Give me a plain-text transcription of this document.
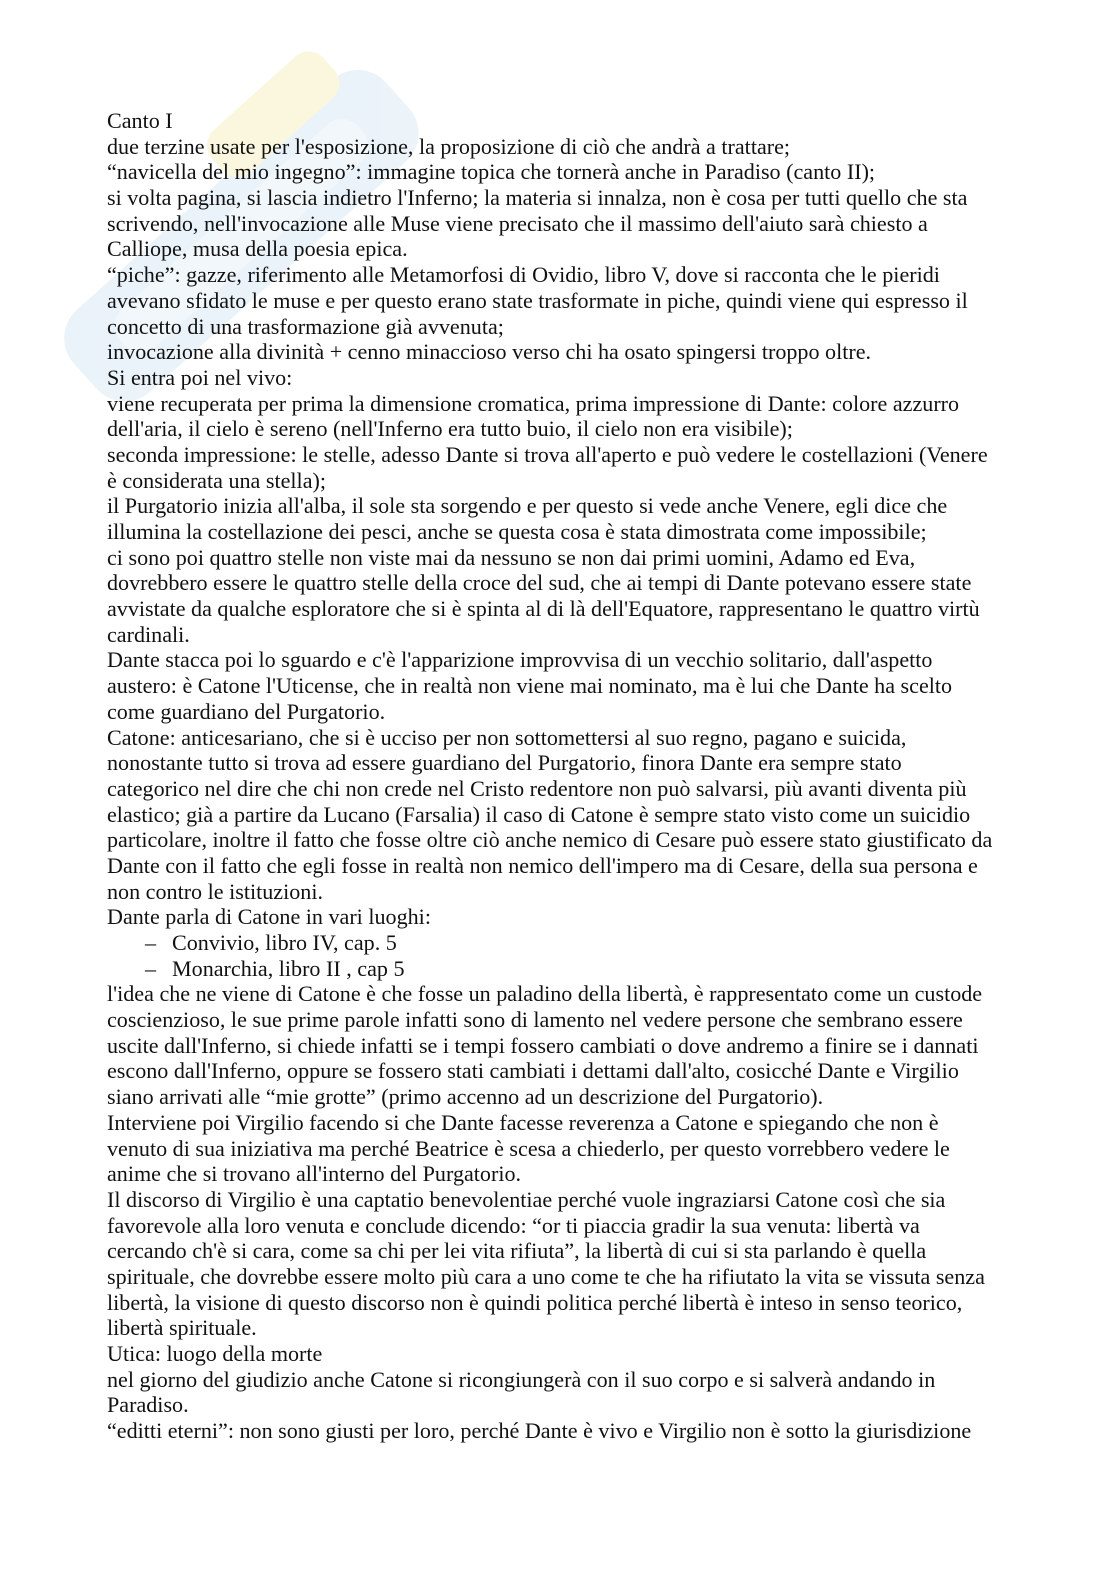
Canto I
due terzine usate per l'esposizione, la proposizione di ciò che andrà a trattare;
“navicella del mio ingegno”: immagine topica che tornerà anche in Paradiso (canto II);
si volta pagina, si lascia indietro l'Inferno; la materia si innalza, non è cosa per tutti quello che sta
scrivendo, nell'invocazione alle Muse viene precisato che il massimo dell'aiuto sarà chiesto a
Calliope, musa della poesia epica.
“piche”: gazze, riferimento alle Metamorfosi di Ovidio, libro V, dove si racconta che le pieridi
avevano sfidato le muse e per questo erano state trasformate in piche, quindi viene qui espresso il
concetto di una trasformazione già avvenuta;
invocazione alla divinità + cenno minaccioso verso chi ha osato spingersi troppo oltre.
Si entra poi nel vivo:
viene recuperata per prima la dimensione cromatica, prima impressione di Dante: colore azzurro
dell'aria, il cielo è sereno (nell'Inferno era tutto buio, il cielo non era visibile);
seconda impressione: le stelle, adesso Dante si trova all'aperto e può vedere le costellazioni (Venere
è considerata una stella);
il Purgatorio inizia all'alba, il sole sta sorgendo e per questo si vede anche Venere, egli dice che
illumina la costellazione dei pesci, anche se questa cosa è stata dimostrata come impossibile;
ci sono poi quattro stelle non viste mai da nessuno se non dai primi uomini, Adamo ed Eva,
dovrebbero essere le quattro stelle della croce del sud, che ai tempi di Dante potevano essere state
avvistate da qualche esploratore che si è spinta al di là dell'Equatore, rappresentano le quattro virtù
cardinali.
Dante stacca poi lo sguardo e c'è l'apparizione improvvisa di un vecchio solitario, dall'aspetto
austero: è Catone l'Uticense, che in realtà non viene mai nominato, ma è lui che Dante ha scelto
come guardiano del Purgatorio.
Catone: anticesariano, che si è ucciso per non sottomettersi al suo regno, pagano e suicida,
nonostante tutto si trova ad essere guardiano del Purgatorio, finora Dante era sempre stato
categorico nel dire che chi non crede nel Cristo redentore non può salvarsi, più avanti diventa più
elastico; già a partire da Lucano (Farsalia) il caso di Catone è sempre stato visto come un suicidio
particolare, inoltre il fatto che fosse oltre ciò anche nemico di Cesare può essere stato giustificato da
Dante con il fatto che egli fosse in realtà non nemico dell'impero ma di Cesare, della sua persona e
non contro le istituzioni.
Dante parla di Catone in vari luoghi:
– Convivio, libro IV, cap. 5
– Monarchia, libro II , cap 5
l'idea che ne viene di Catone è che fosse un paladino della libertà, è rappresentato come un custode
coscienzioso, le sue prime parole infatti sono di lamento nel vedere persone che sembrano essere
uscite dall'Inferno, si chiede infatti se i tempi fossero cambiati o dove andremo a finire se i dannati
escono dall'Inferno, oppure se fossero stati cambiati i dettami dall'alto, cosicché Dante e Virgilio
siano arrivati alle “mie grotte” (primo accenno ad un descrizione del Purgatorio).
Interviene poi Virgilio facendo si che Dante facesse reverenza a Catone e spiegando che non è
venuto di sua iniziativa ma perché Beatrice è scesa a chiederlo, per questo vorrebbero vedere le
anime che si trovano all'interno del Purgatorio.
Il discorso di Virgilio è una captatio benevolentiae perché vuole ingraziarsi Catone così che sia
favorevole alla loro venuta e conclude dicendo: “or ti piaccia gradir la sua venuta: libertà va
cercando ch'è si cara, come sa chi per lei vita rifiuta”, la libertà di cui si sta parlando è quella
spirituale, che dovrebbe essere molto più cara a uno come te che ha rifiutato la vita se vissuta senza
libertà, la visione di questo discorso non è quindi politica perché libertà è inteso in senso teorico,
libertà spirituale.
Utica: luogo della morte
nel giorno del giudizio anche Catone si ricongiungerà con il suo corpo e si salverà andando in
Paradiso.
“editti eterni”: non sono giusti per loro, perché Dante è vivo e Virgilio non è sotto la giurisdizione
